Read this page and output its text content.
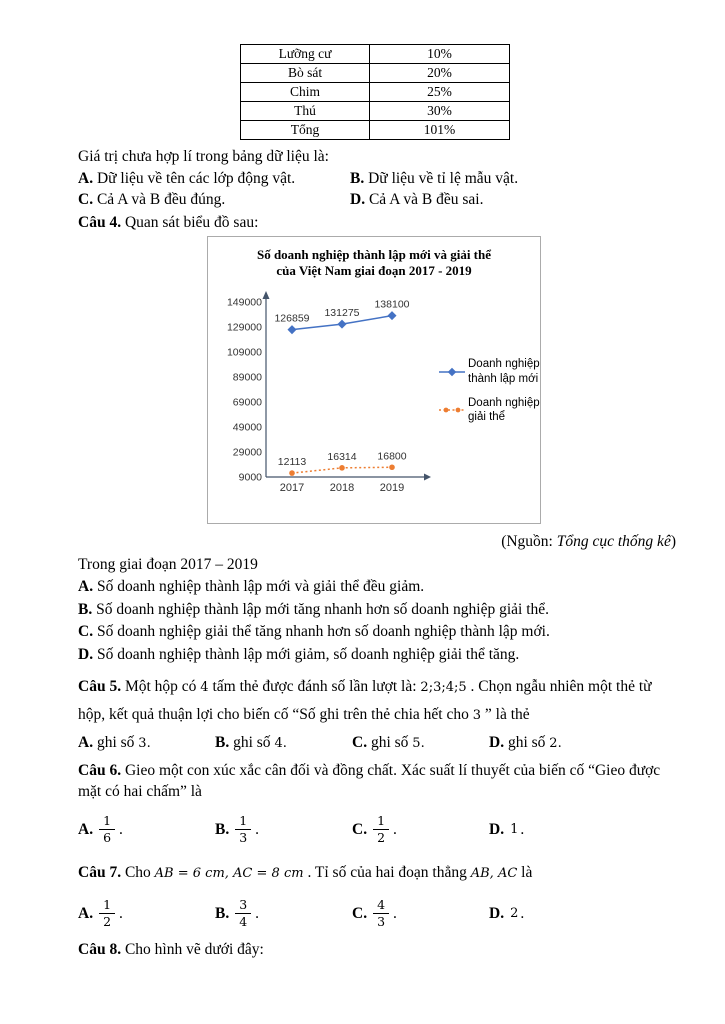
Lưỡng cư	10%
Bò sát	20%
Chim	25%
Thú	30%
Tổng	101%
Giá trị chưa hợp lí trong bảng dữ liệu là:
A. Dữ liệu về tên các lớp động vật.	B. Dữ liệu về tỉ lệ mẫu vật.
C. Cả A và B đều đúng.	D. Cả A và B đều sai.
Câu 4. Quan sát biểu đồ sau:
Số doanh nghiệp thành lập mới và giải thể
của Việt Nam giai đoạn 2017 - 2019
9000
29000
49000
69000
89000
109000
129000
149000
2017 2018 2019
126859 131275
138100
12113 16314 16800
Doanh nghiệp
thành lập mới
Doanh nghiệp
giải thể
(Nguồn: Tổng cục thống kê)
Trong giai đoạn 2017 – 2019
A. Số doanh nghiệp thành lập mới và giải thể đều giảm.
B. Số doanh nghiệp thành lập mới tăng nhanh hơn số doanh nghiệp giải thể.
C. Số doanh nghiệp giải thể tăng nhanh hơn số doanh nghiệp thành lập mới.
D. Số doanh nghiệp thành lập mới giảm, số doanh nghiệp giải thể tăng.
Câu 5. Một hộp có 4 tấm thẻ được đánh số lần lượt là: 2;3;4;5 . Chọn ngẫu nhiên một thẻ từ hộp, kết quả thuận lợi cho biến cố “Số ghi trên thẻ chia hết cho 3 ” là thẻ
A. ghi số 3.	B. ghi số 4.	C. ghi số 5.	D. ghi số 2.
Câu 6. Gieo một con xúc xắc cân đối và đồng chất. Xác suất lí thuyết của biến cố “Gieo được mặt có hai chấm” là
A. $\frac{1}{6}$ .	B. $\frac{1}{3}$ .	C. $\frac{1}{2}$ .	D. 1 .
Câu 7. Cho AB = 6 cm, AC = 8 cm . Tỉ số của hai đoạn thẳng AB, AC là
A. $\frac{1}{2}$ .	B. $\frac{3}{4}$ .	C. $\frac{4}{3}$ .	D. 2 .
Câu 8. Cho hình vẽ dưới đây:
